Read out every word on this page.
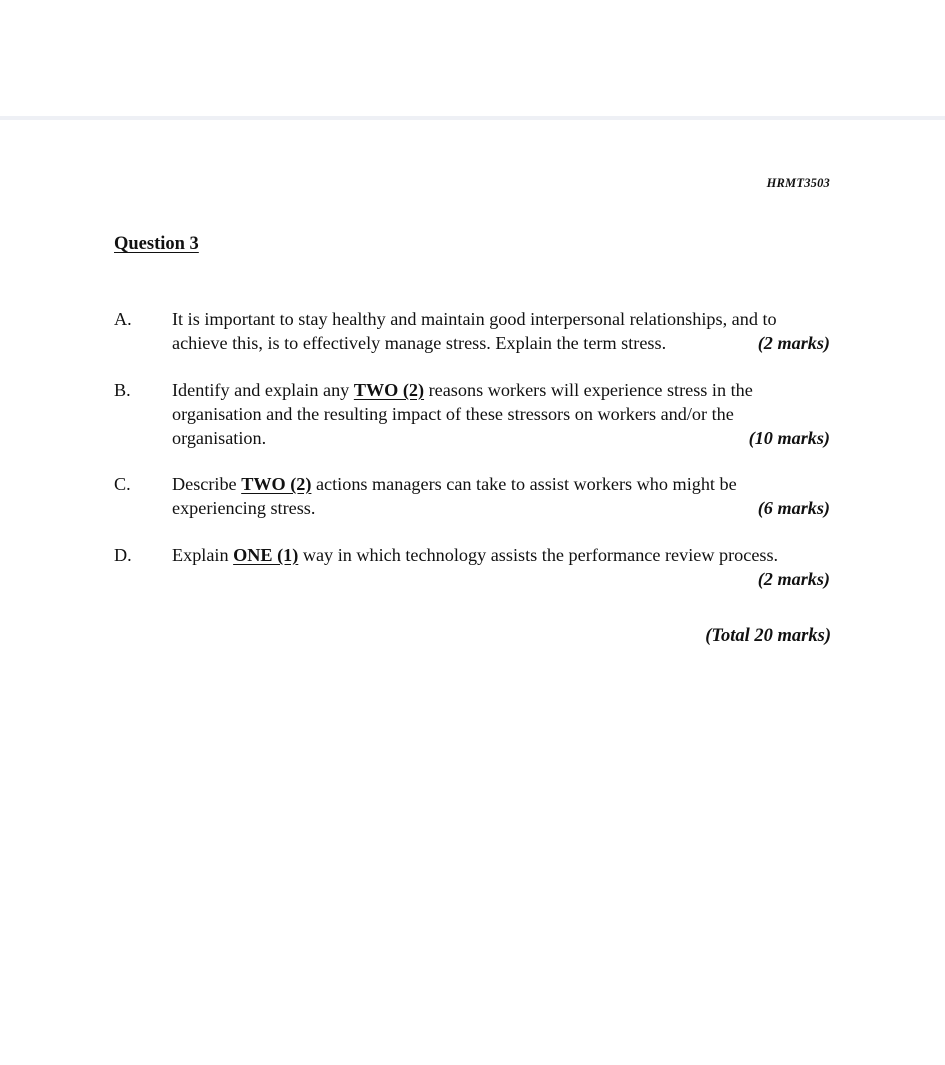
HRMT3503
Question 3
A. It is important to stay healthy and maintain good interpersonal relationships, and to
achieve this, is to effectively manage stress. Explain the term stress.	(2 marks)
B. Identify and explain any TWO (2) reasons workers will experience stress in the
organisation and the resulting impact of these stressors on workers and/or the
organisation.	(10 marks)
C. Describe TWO (2) actions managers can take to assist workers who might be
experiencing stress.	(6 marks)
D. Explain ONE (1) way in which technology assists the performance review process.
(2 marks)
(Total 20 marks)
